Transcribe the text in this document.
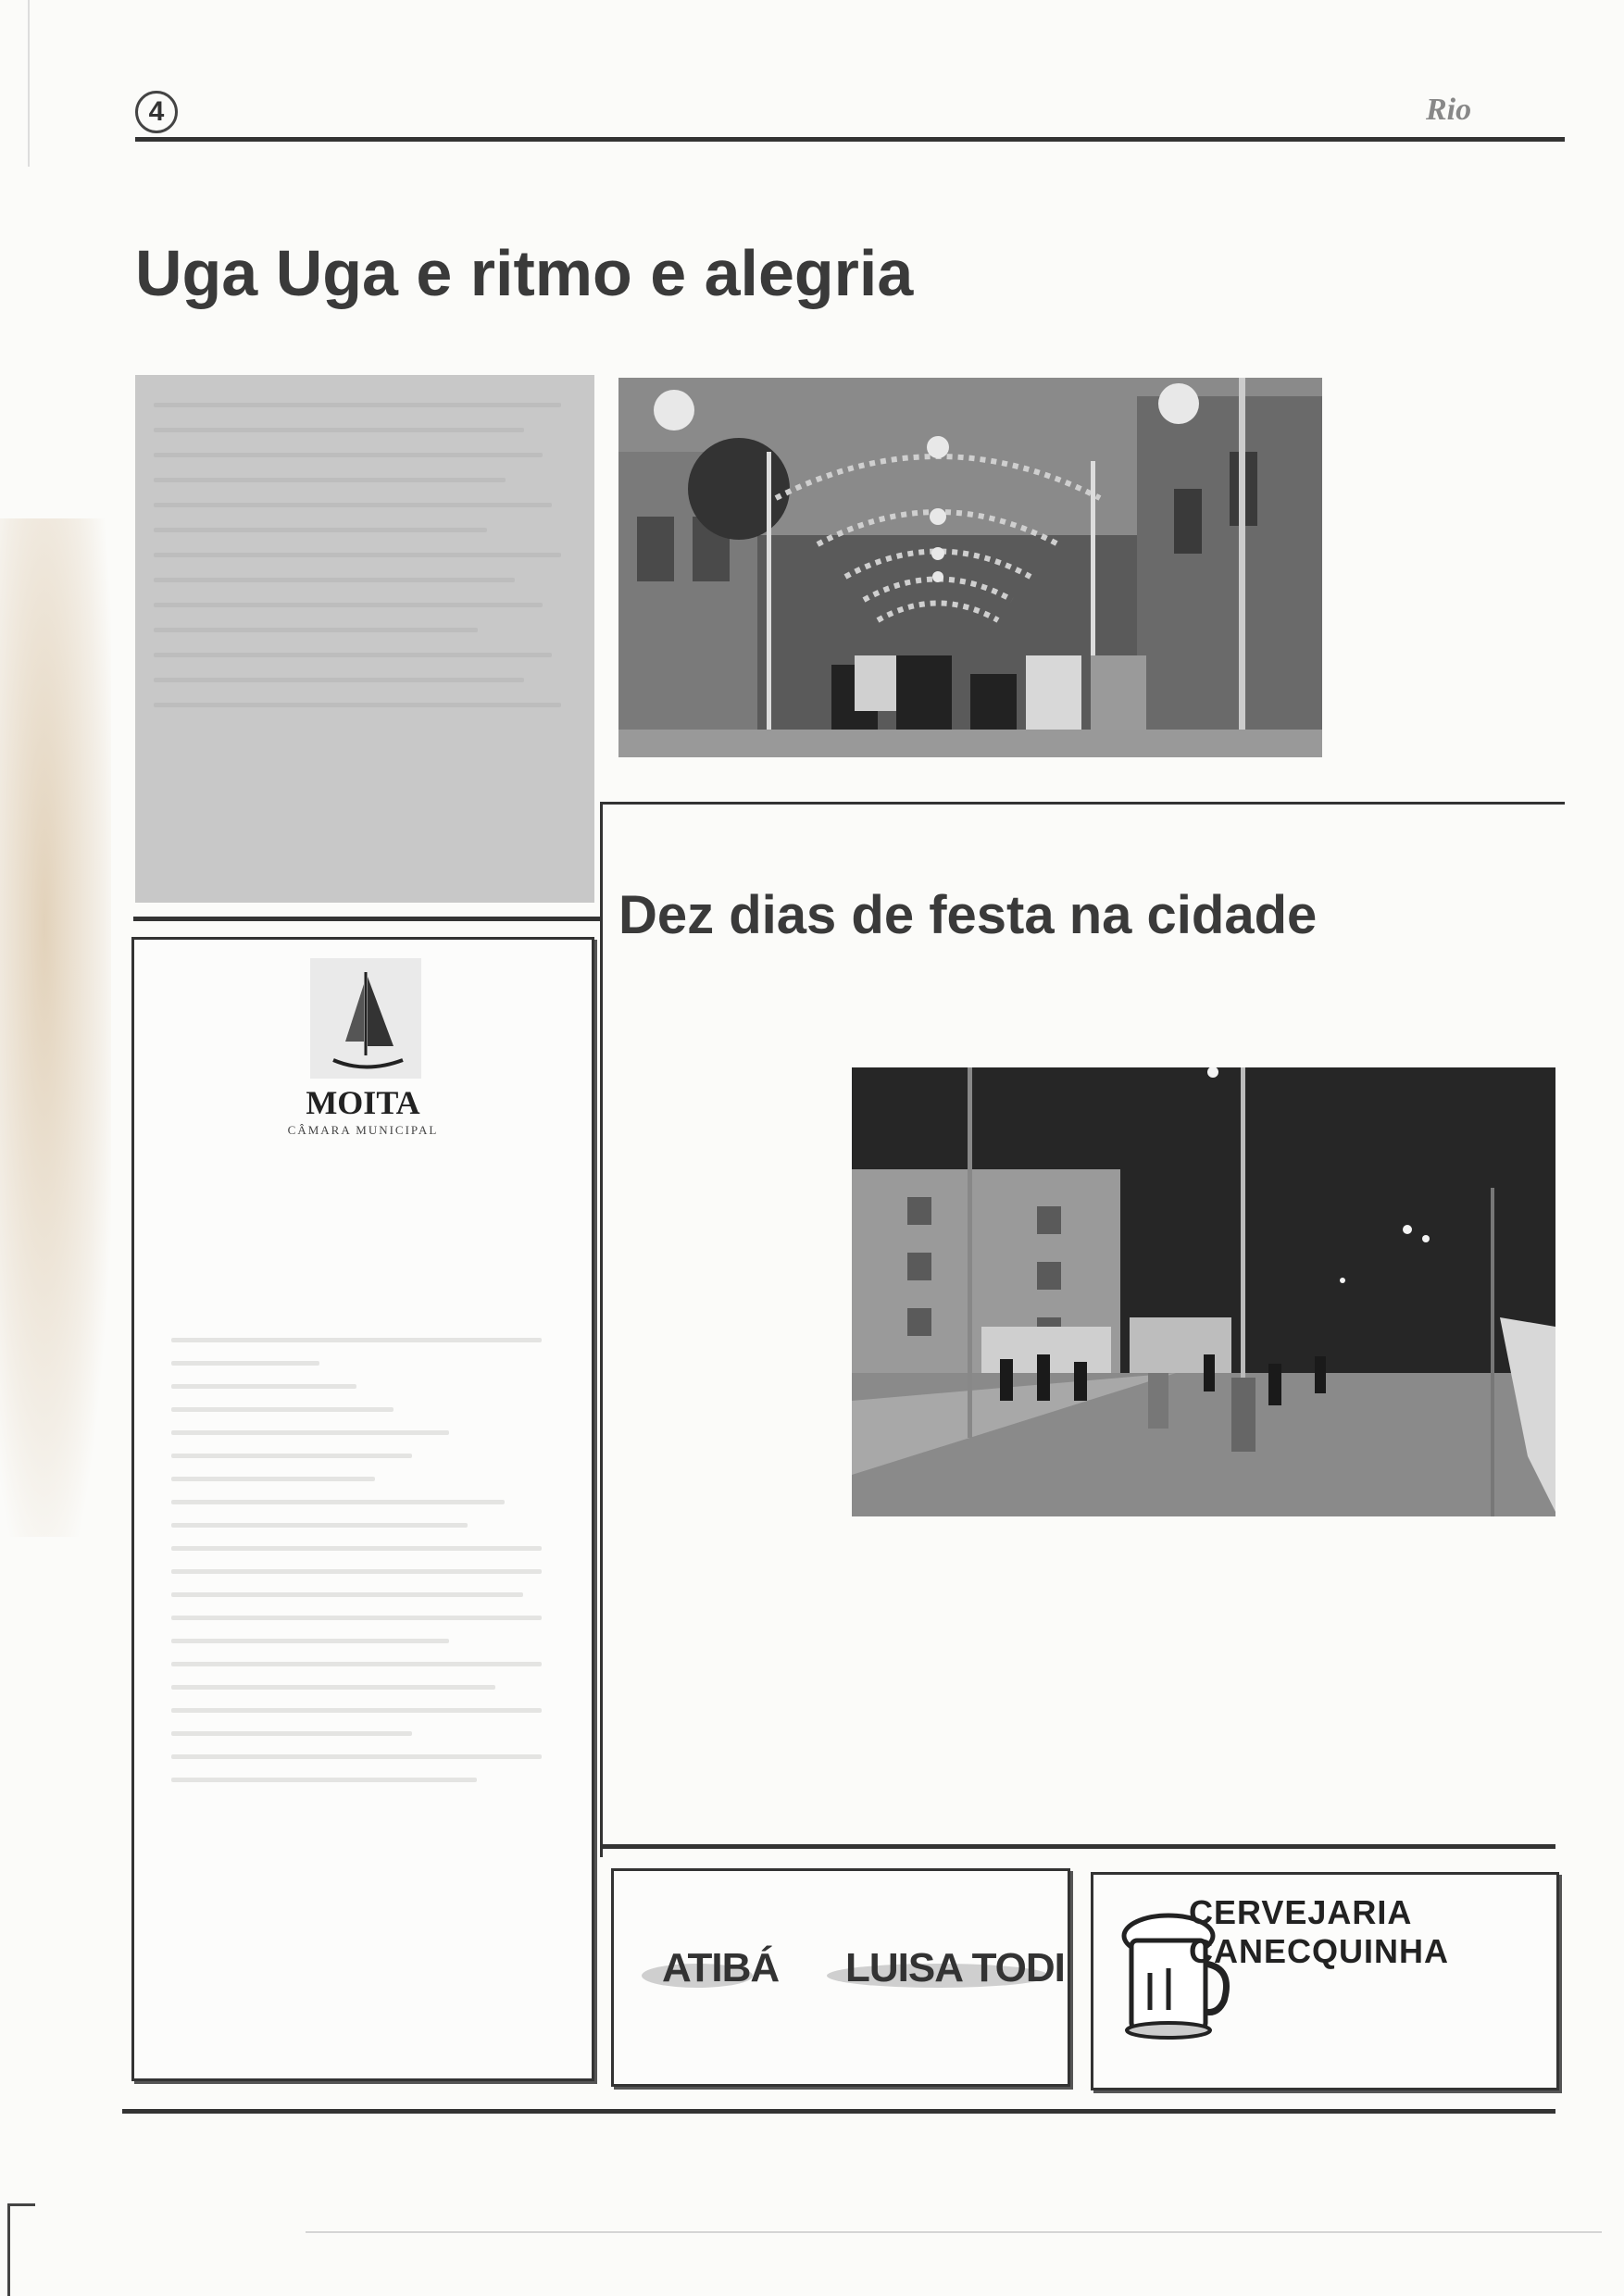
4	Rio
Uga Uga e ritmo e alegria
Dez dias de festa na cidade
MOITA
CÂMARA MUNICIPAL
ATIBÁ LUISA TODI
CERVEJARIA CANECQUINHA
